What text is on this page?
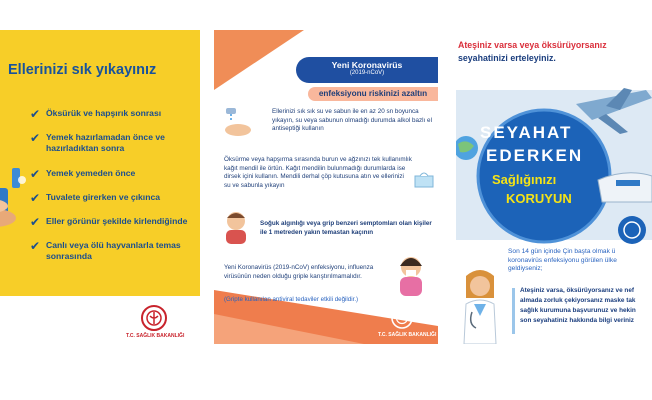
Ellerinizi sık yıkayınız
✔ Öksürük ve hapşırık sonrası
✔ Yemek hazırlamadan önce ve hazırladıktan sonra
✔ Yemek yemeden önce
✔ Tuvalete girerken ve çıkınca
✔ Eller görünür şekilde kirlendiğinde
✔ Canlı veya ölü hayvanlarla temas sonrasında
T.C. SAĞLIK BAKANLIĞI
Yeni Koronavirüs
(2019-nCoV)
enfeksiyonu riskinizi azaltın
Ellerinizi sık sık su ve sabun ile en az 20 sn boyunca yıkayın, su veya sabunun olmadığı durumda alkol bazlı el antiseptiği kullanın
Öksürme veya hapşırma sırasında burun ve ağzınızı tek kullanımlık kağıt mendil ile örtün. Kağıt mendilin bulunmadığı durumlarda ise dirsek içini kullanın. Mendili derhal çöp kutusuna atın ve ellerinizi su ve sabunla yıkayın
Soğuk algınlığı veya grip benzeri semptomları olan kişiler ile 1 metreden yakın temastan kaçının
Yeni Koronavirüs (2019-nCoV) enfeksiyonu, influenza virüsünün neden olduğu griple karıştırılmamalıdır.
(Gripte kullanılan antiviral tedaviler etkili değildir.)
T.C. SAĞLIK BAKANLIĞI
Ateşiniz varsa veya öksürüyorsanız
seyahatinizi erteleyiniz.
SEYAHAT
EDERKEN
Sağlığınızı
KORUYUN
Son 14 gün içinde Çin başta olmak ü
koronavirüs enfeksiyonu görülen ülke
geldiyseniz;
Ateşiniz varsa, öksürüyorsanız ve nef
almada zorluk çekiyorsanız maske tak
sağlık kurumuna başvurunuz ve hekin
son seyahatiniz hakkında bilgi veriniz
